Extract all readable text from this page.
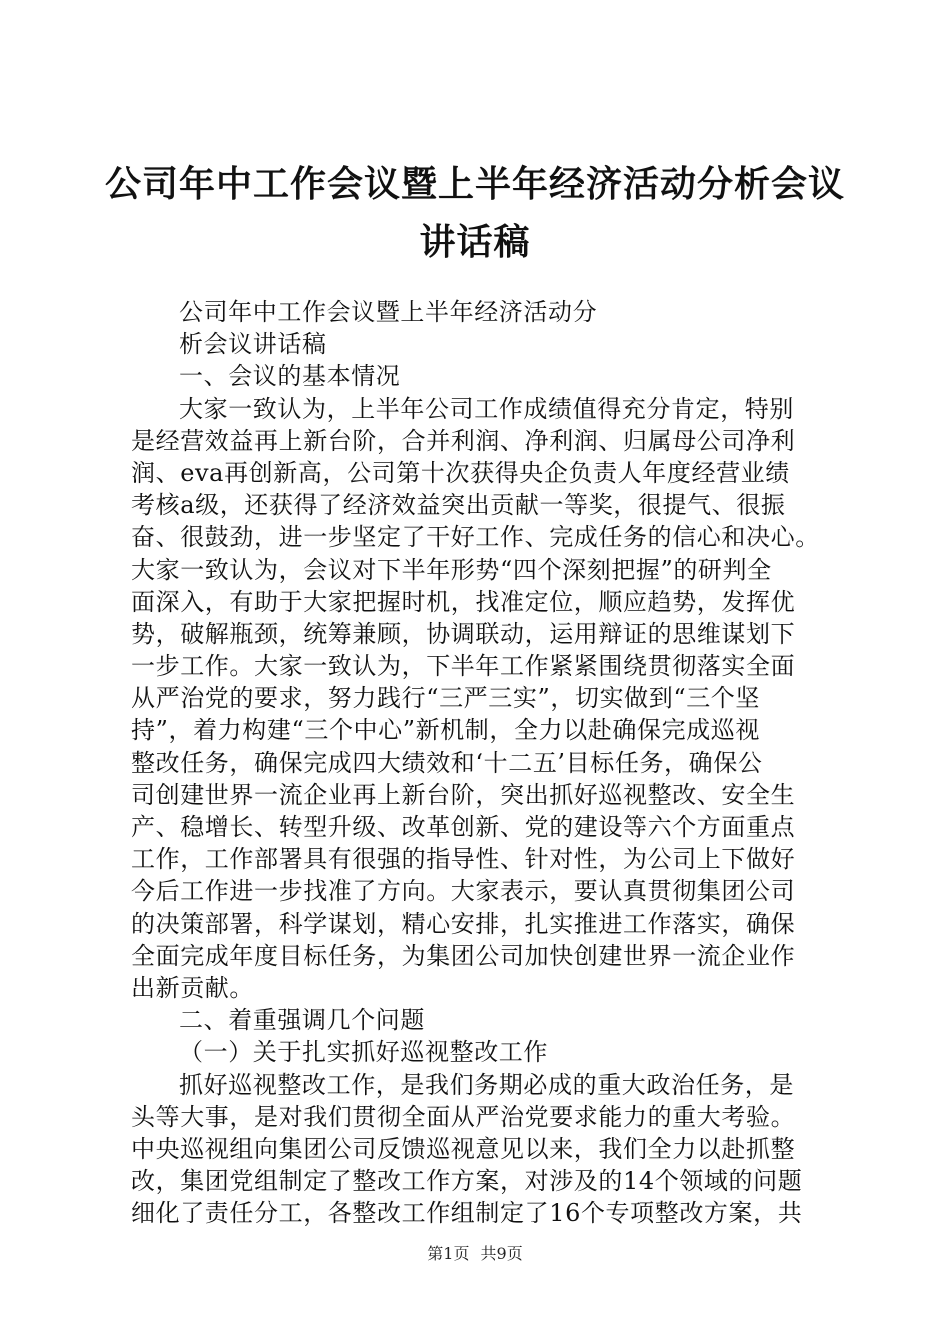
公司年中工作会议暨上半年经济活动分析会议
讲话稿
公司年中工作会议暨上半年经济活动分
析会议讲话稿
一、会议的基本情况
大家一致认为，上半年公司工作成绩值得充分肯定，特别
是经营效益再上新台阶，合并利润、净利润、归属母公司净利
润、eva再创新高，公司第十次获得央企负责人年度经营业绩
考核a级，还获得了经济效益突出贡献一等奖，很提气、很振
奋、很鼓劲，进一步坚定了干好工作、完成任务的信心和决心。
大家一致认为，会议对下半年形势“四个深刻把握”的研判全
面深入，有助于大家把握时机，找准定位，顺应趋势，发挥优
势，破解瓶颈，统筹兼顾，协调联动，运用辩证的思维谋划下
一步工作。大家一致认为，下半年工作紧紧围绕贯彻落实全面
从严治党的要求，努力践行“三严三实”，切实做到“三个坚
持”，着力构建“三个中心”新机制，全力以赴确保完成巡视
整改任务，确保完成四大绩效和‘十二五’目标任务，确保公
司创建世界一流企业再上新台阶，突出抓好巡视整改、安全生
产、稳增长、转型升级、改革创新、党的建设等六个方面重点
工作，工作部署具有很强的指导性、针对性，为公司上下做好
今后工作进一步找准了方向。大家表示，要认真贯彻集团公司
的决策部署，科学谋划，精心安排，扎实推进工作落实，确保
全面完成年度目标任务，为集团公司加快创建世界一流企业作
出新贡献。
二、着重强调几个问题
（一）关于扎实抓好巡视整改工作
抓好巡视整改工作，是我们务期必成的重大政治任务，是
头等大事，是对我们贯彻全面从严治党要求能力的重大考验。
中央巡视组向集团公司反馈巡视意见以来，我们全力以赴抓整
改，集团党组制定了整改工作方案，对涉及的14个领域的问题
细化了责任分工，各整改工作组制定了16个专项整改方案，共
第1页 共9页
